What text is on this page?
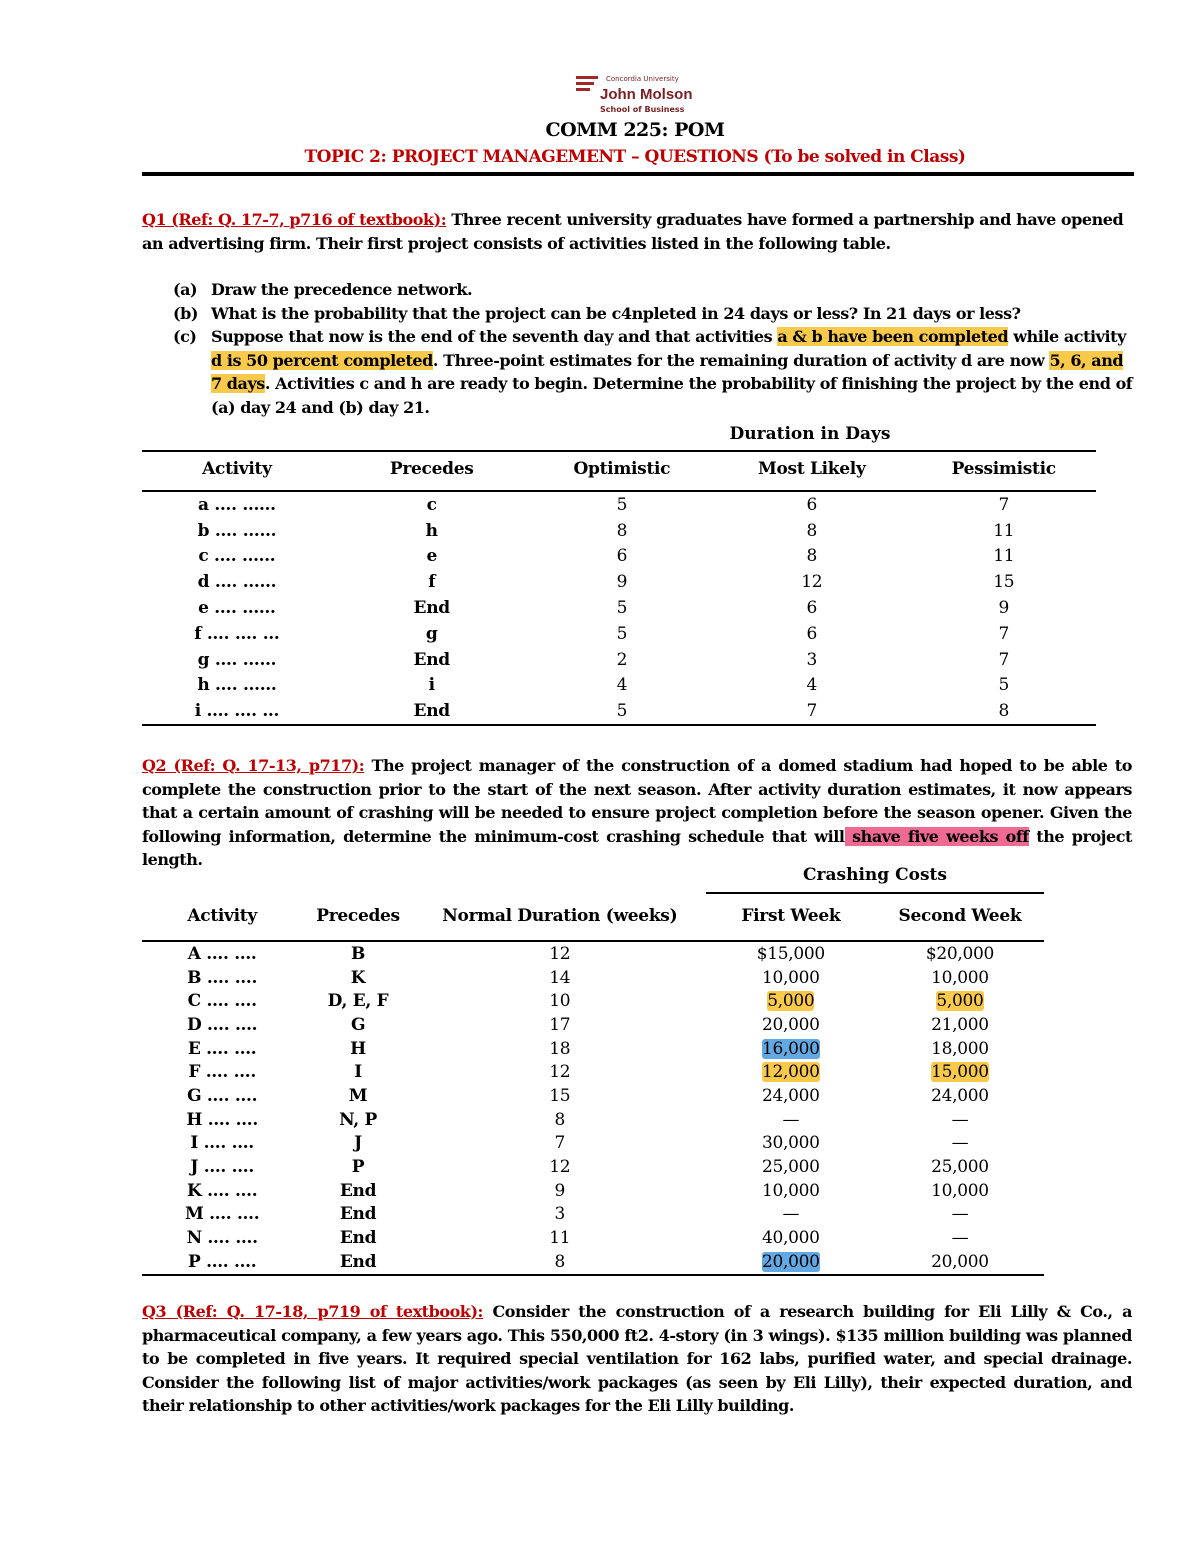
Concordia University
John Molson
School of Business
COMM 225: POM
TOPIC 2: PROJECT MANAGEMENT – QUESTIONS (To be solved in Class)
Q1 (Ref: Q. 17-7, p716 of textbook): Three recent university graduates have formed a partnership and have opened an advertising firm. Their first project consists of activities listed in the following table.
(a) Draw the precedence network.
(b) What is the probability that the project can be c4npleted in 24 days or less? In 21 days or less?
(c) Suppose that now is the end of the seventh day and that activities a & b have been completed while activity d is 50 percent completed. Three-point estimates for the remaining duration of activity d are now 5, 6, and 7 days. Activities c and h are ready to begin. Determine the probability of finishing the project by the end of (a) day 24 and (b) day 21.
Duration in Days
Activity	Precedes	Optimistic	Most Likely	Pessimistic
a …. ……	c	5	6	7
b …. ……	h	8	8	11
c …. ……	e	6	8	11
d …. ……	f	9	12	15
e …. ……	End	5	6	9
f …. …. …	g	5	6	7
g …. ……	End	2	3	7
h …. ……	i	4	4	5
i …. …. …	End	5	7	8
Q2 (Ref: Q. 17-13, p717): The project manager of the construction of a domed stadium had hoped to be able to complete the construction prior to the start of the next season. After activity duration estimates, it now appears that a certain amount of crashing will be needed to ensure project completion before the season opener. Given the following information, determine the minimum-cost crashing schedule that will shave five weeks off the project length.
Crashing Costs
Activity	Precedes	Normal Duration (weeks)	First Week	Second Week
A …. ….	B	12	$15,000	$20,000
B …. ….	K	14	10,000	10,000
C …. ….	D, E, F	10	5,000	5,000
D …. ….	G	17	20,000	21,000
E …. ….	H	18	16,000	18,000
F …. ….	I	12	12,000	15,000
G …. ….	M	15	24,000	24,000
H …. ….	N, P	8	—	—
I …. ….	J	7	30,000	—
J …. ….	P	12	25,000	25,000
K …. ….	End	9	10,000	10,000
M …. ….	End	3	—	—
N …. ….	End	11	40,000	—
P …. ….	End	8	20,000	20,000
Q3 (Ref: Q. 17-18, p719 of textbook): Consider the construction of a research building for Eli Lilly & Co., a pharmaceutical company, a few years ago. This 550,000 ft2. 4-story (in 3 wings). $135 million building was planned to be completed in five years. It required special ventilation for 162 labs, purified water, and special drainage. Consider the following list of major activities/work packages (as seen by Eli Lilly), their expected duration, and their relationship to other activities/work packages for the Eli Lilly building.
